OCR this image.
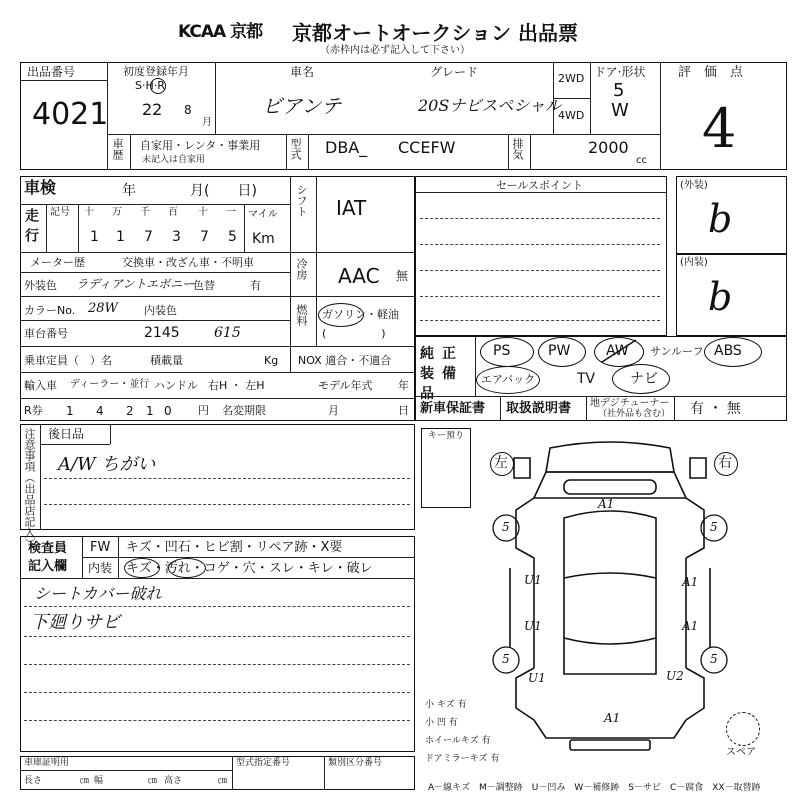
KCAA 京都 京都オートオークション 出品票
（赤枠内は必ず記入して下さい）
出品番号
4021
初度登録年月
S·H·R
22 8
月
車名
ビアンテ
グレード
20Sナビスペシャル
2WD
4WD
ドア·形状
5
W
評　価　点
4
車歴 自家用・レンタ・事業用
未記入は自家用	型式 DBA_ CCEFW	排気	2000
cc
車検	年	月(　　日)
走行 記号 十 万 千 百 十 一 マイル
1 1 7 3 7 5 Km
メーター歴	交換車・改ざん車・不明車
外装色 ラディアントエボニー
色替	有
カラーNo. 28W 内装色
車台番号	2145 615
乗車定員（　）名	積載量	Kg
輸入車 ディーラー・並行 ハンドル 右H ・ 左H
R券 1 4 2 1 0 円 名変期限	月	日
シフト IAT
冷房 AAC 無
燃料 ガソリン・軽油
(　　　　　)
NOX 適合・不適合
モデル年式 年
セールスポイント	(外装)
b
(内装)
b
純正装備品
PS	PW	AW サンルーフ ABS
エアバック	TV ナビ
新車保証書 取扱説明書 地デジチューナー
（社外品も含む） 有 ・ 無
注意事項（出品店記入） 後日品
A/W ちがい
キー預り
検査員記入欄
FW キズ・凹石・ヒビ割・リペア跡・X要
内装 キズ・汚れ・コゲ・穴・スレ・キレ・破レ
シートカバー破れ
下廻りサビ
左	右
A1
5	5
U1	A1
U1	A1
5	5
U1	U2
A1
小 キズ 有
小 凹 有
ホイールキズ 有
ドアミラーキズ 有
スペア
車庫証明用
長さ	㎝ 幅	㎝ 高さ	㎝
型式指定番号	類別区分番号
A－線キズ　M－調整跡　U－凹み　W－補修跡　S－サビ　C－腐食　XX－取替跡
